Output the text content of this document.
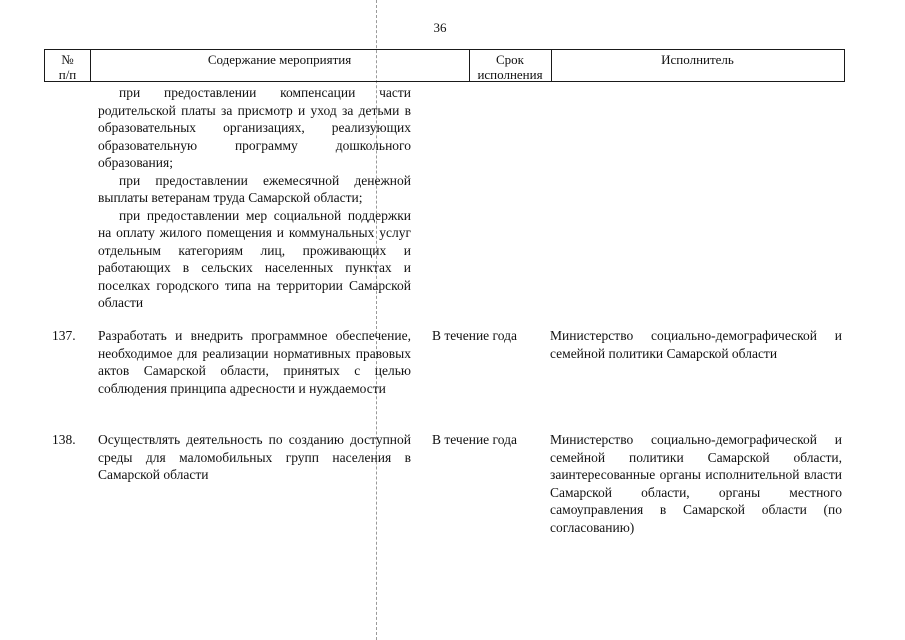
36
№
п/п
Содержание мероприятия	Срок исполнения
Исполнитель

при предоставлении компенсации части родительской платы за присмотр и уход за детьми в образовательных организациях, реализующих образовательную программу дошкольного образования;

при предоставлении ежемесячной денежной выплаты ветеранам труда Самарской области;

при предоставлении мер социальной поддержки на оплату жилого помещения и коммунальных услуг отдельным категориям лиц, проживающих и работающих в сельских населенных пунктах и поселках городского типа на территории Самарской области

137. Разработать и внедрить программное обеспечение, необходимое для реализации нормативных правовых актов Самарской области, принятых с целью соблюдения принципа адресности и нуждаемости
В течение года Министерство социально-демографической и семейной политики Самарской области
138. Осуществлять деятельность по созданию доступной среды для маломобильных групп населения в Самарской области
В течение года Министерство социально-демографической и семейной политики Самарской области, заинтересованные органы исполнительной власти Самарской области, органы местного самоуправления в Самарской области (по согласованию)
